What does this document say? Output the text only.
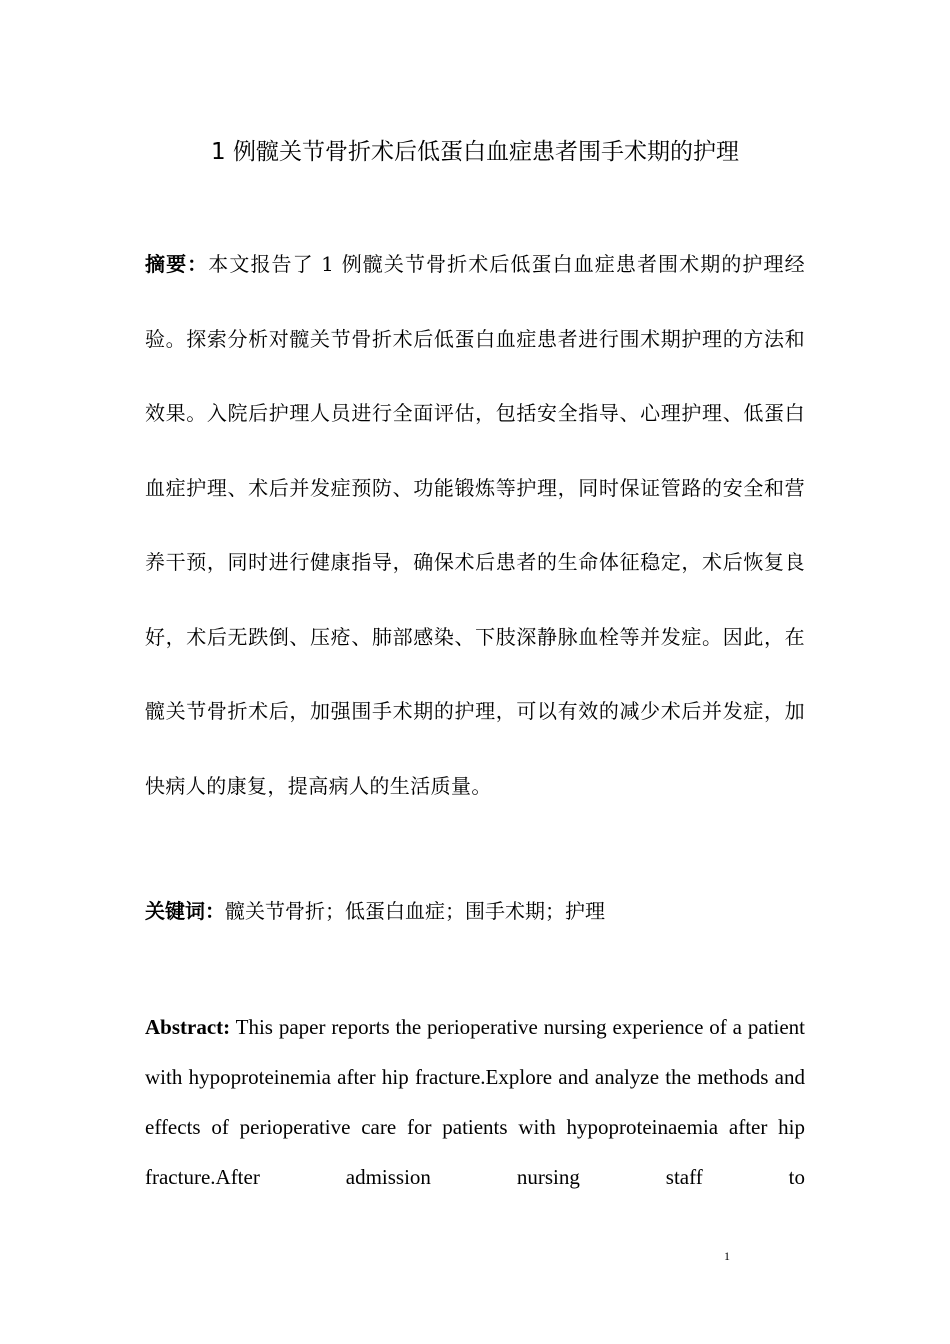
1 例髋关节骨折术后低蛋白血症患者围手术期的护理
摘要：本文报告了 1 例髋关节骨折术后低蛋白血症患者围术期的护理经验。探索分析对髋关节骨折术后低蛋白血症患者进行围术期护理的方法和效果。入院后护理人员进行全面评估，包括安全指导、心理护理、低蛋白血症护理、术后并发症预防、功能锻炼等护理，同时保证管路的安全和营养干预，同时进行健康指导，确保术后患者的生命体征稳定，术后恢复良好，术后无跌倒、压疮、肺部感染、下肢深静脉血栓等并发症。因此，在髋关节骨折术后，加强围手术期的护理，可以有效的减少术后并发症，加快病人的康复，提高病人的生活质量。
关键词：髋关节骨折；低蛋白血症；围手术期；护理
Abstract: This paper reports the perioperative nursing experience of a patient with hypoproteinemia after hip fracture.Explore and analyze the methods and effects of perioperative care for patients with hypoproteinaemia after hip fracture.After admission nursing staff to
1
